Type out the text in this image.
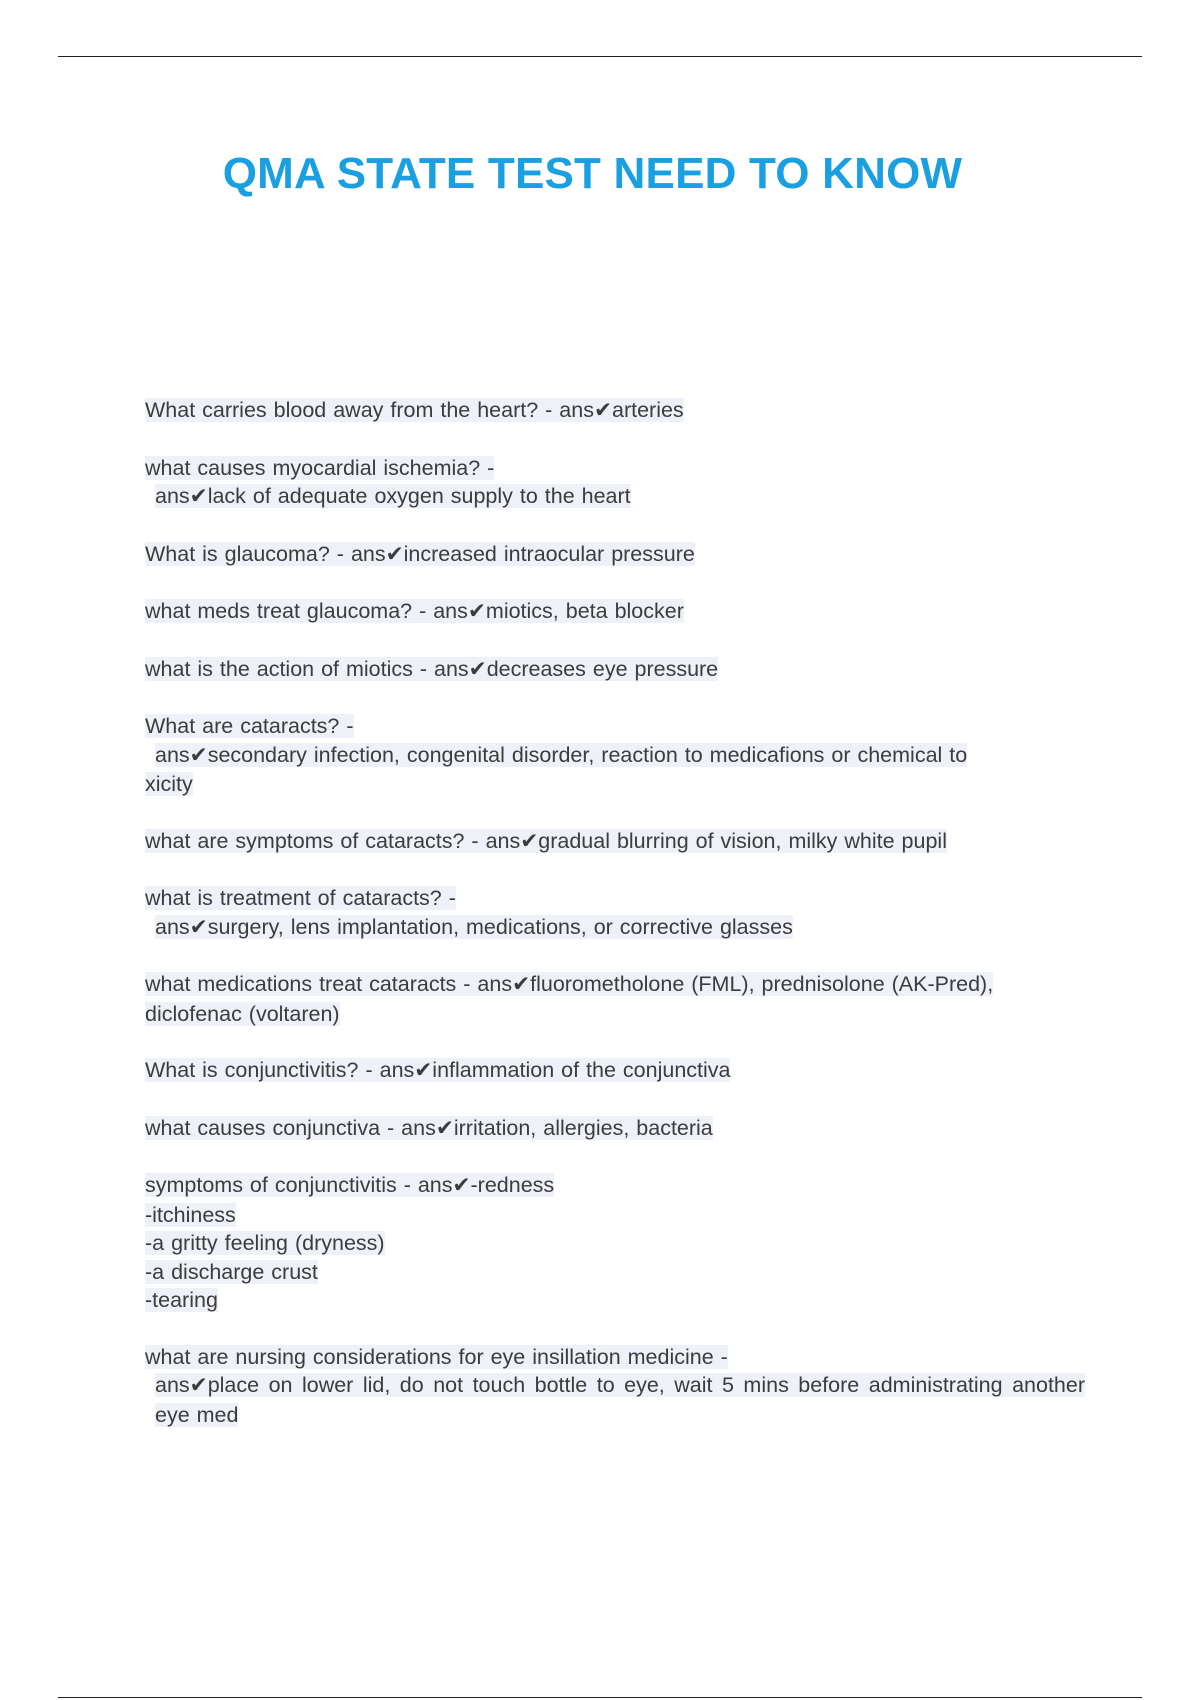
QMA STATE TEST NEED TO KNOW

What carries blood away from the heart? - ans✔arteries

what causes myocardial ischemia? -
ans✔lack of adequate oxygen supply to the heart

What is glaucoma? - ans✔increased intraocular pressure

what meds treat glaucoma? - ans✔miotics, beta blocker

what is the action of miotics - ans✔decreases eye pressure

What are cataracts? -
ans✔secondary infection, congenital disorder, reaction to medicafions or chemical to
xicity

what are symptoms of cataracts? - ans✔gradual blurring of vision, milky white pupil

what is treatment of cataracts? -
ans✔surgery, lens implantation, medications, or corrective glasses

what medications treat cataracts - ans✔fluorometholone (FML), prednisolone (AK-Pred), diclofenac (voltaren)

What is conjunctivitis? - ans✔inflammation of the conjunctiva

what causes conjunctiva - ans✔irritation, allergies, bacteria

symptoms of conjunctivitis - ans✔-redness
-itchiness
-a gritty feeling (dryness)
-a discharge crust
-tearing

what are nursing considerations for eye insillation medicine -
ans✔place on lower lid, do not touch bottle to eye, wait 5 mins before administrating another eye med
